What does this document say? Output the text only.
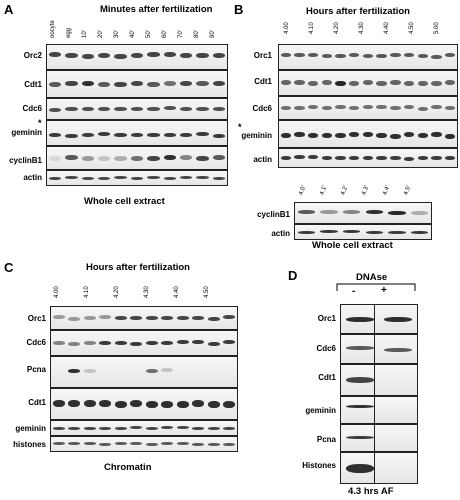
A	Minutes after fertilization
oocyte egg 10' 20' 30' 40' 50' 60' 70' 80' 90'
Orc2
Cdt1
Cdc6
*
geminin
cyclinB1
actin
Whole cell extract
B	Hours after fertilization
4.00	4.10	4.20	4.30	4.40	4.50	5.00
Orc1
Cdt1
Cdc6
*
geminin
actin
4.0' 4.1' 4.2' 4.3' 4.4' 4.5'
cyclinB1
actin
Whole cell extract
C	Hours after fertilization
4.00	4.10	4.20	4.30	4.40	4.50
Orc1
Cdc6
Pcna
Cdt1
geminin
histones
Chromatin
D	DNAse
-	+
Orc1
Cdc6
Cdt1
geminin
Pcna
Histones
4.3 hrs AF
